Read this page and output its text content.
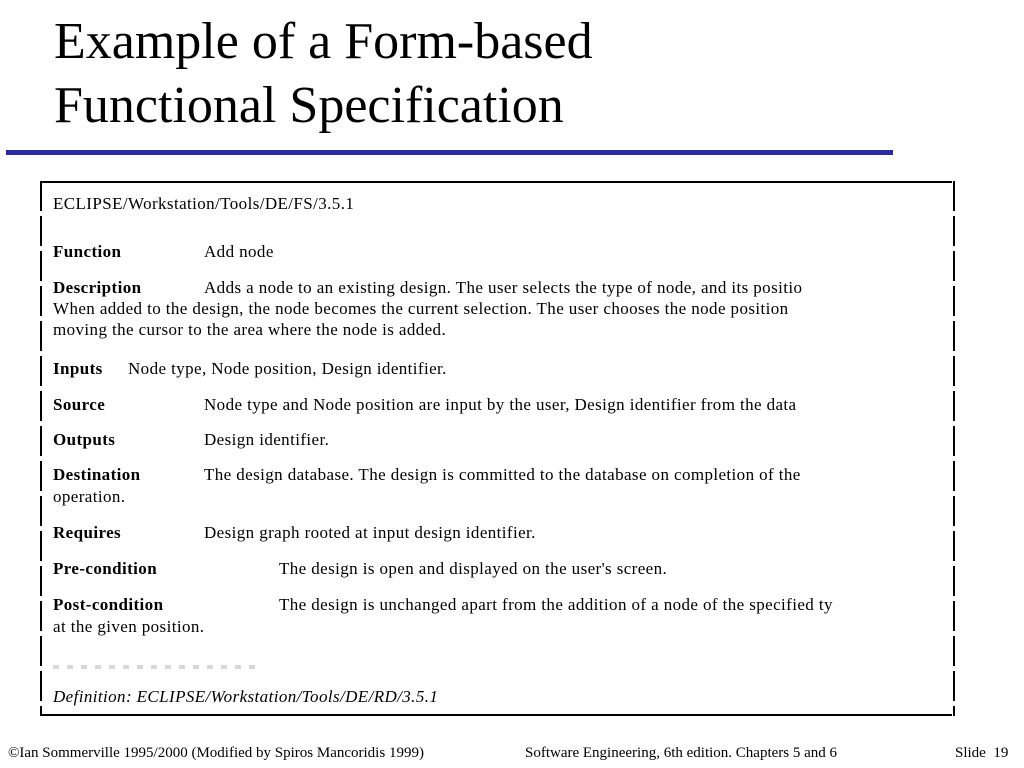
Example of a Form-based
Functional Specification
ECLIPSE/Workstation/Tools/DE/FS/3.5.1
Function	Add node
Description	Adds a node to an existing design. The user selects the type of node, and its positio
When added to the design, the node becomes the current selection. The user chooses the node position
moving the cursor to the area where the node is added.
Inputs Node type, Node position, Design identifier.
Source	Node type and Node position are input by the user, Design identifier from the data
Outputs	Design identifier.
Destination	The design database. The design is committed to the database on completion of the
operation.
Requires	Design graph rooted at input design identifier.
Pre-condition	The design is open and displayed on the user's screen.
Post-condition	The design is unchanged apart from the addition of a node of the specified ty
at the given position.
Definition: ECLIPSE/Workstation/Tools/DE/RD/3.5.1
©Ian Sommerville 1995/2000 (Modified by Spiros Mancoridis 1999)	Software Engineering, 6th edition. Chapters 5 and 6	Slide 19
